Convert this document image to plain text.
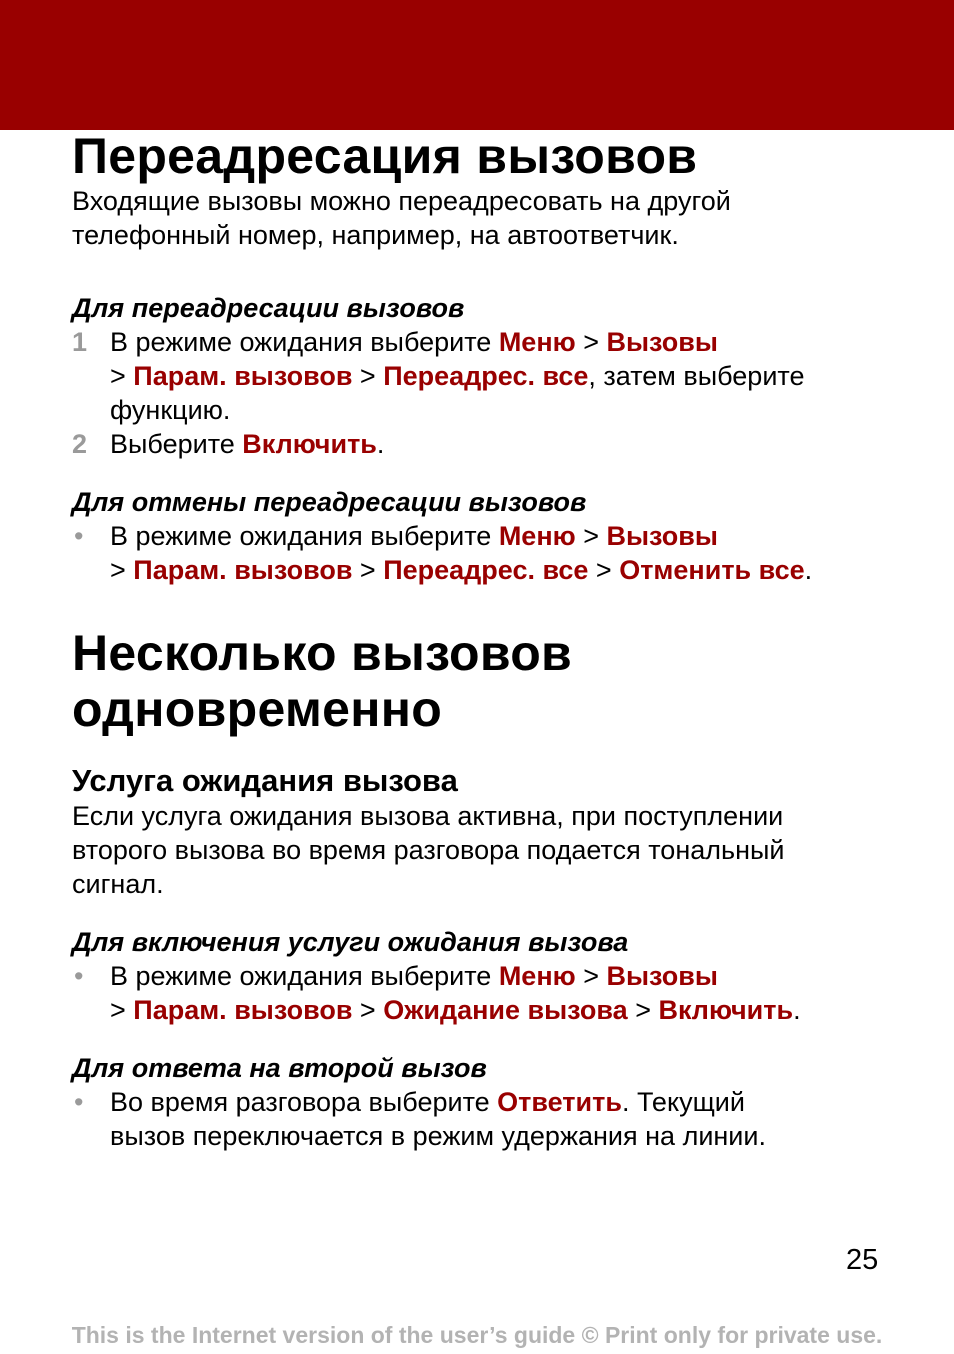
Переадресация вызовов

Входящие вызовы можно переадресовать на другой
телефонный номер, например, на автоответчик.

Для переадресации вызовов
1 В режиме ожидания выберите Меню > Вызовы
> Парам. вызовов > Переадрес. все, затем выберите
функцию.
2 Выберите Включить.
Для отмены переадресации вызовов
• В режиме ожидания выберите Меню > Вызовы
> Парам. вызовов > Переадрес. все > Отменить все.
Несколько вызовов
одновременно
Услуга ожидания вызова

Если услуга ожидания вызова активна, при поступлении
второго вызова во время разговора подается тональный
сигнал.

Для включения услуги ожидания вызова
• В режиме ожидания выберите Меню > Вызовы
> Парам. вызовов > Ожидание вызова > Включить.
Для ответа на второй вызов
• Во время разговора выберите Ответить. Текущий
вызов переключается в режим удержания на линии.
25
This is the Internet version of the user’s guide © Print only for private use.
